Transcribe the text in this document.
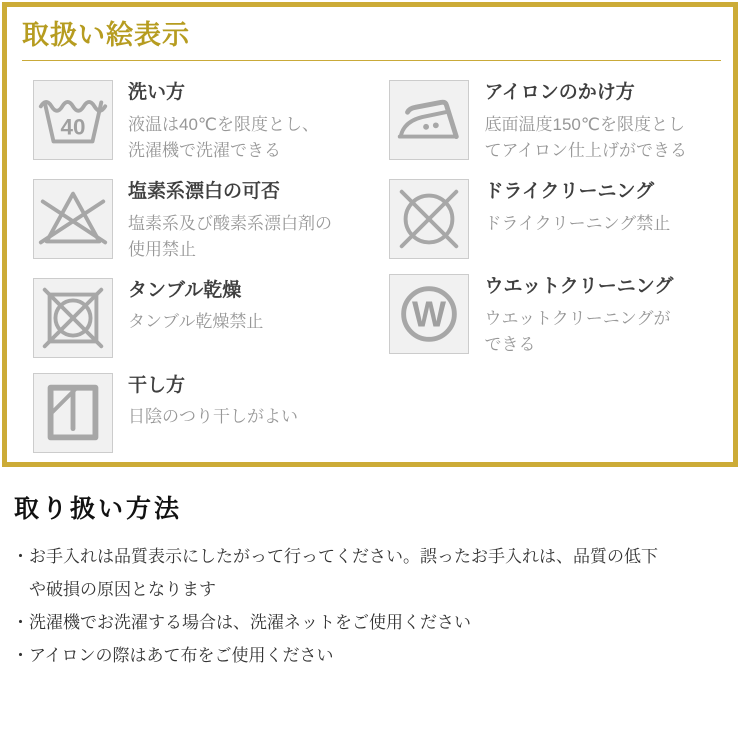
取扱い絵表示
40
洗い方
液温は40℃を限度とし、
洗濯機で洗濯できる
塩素系漂白の可否
塩素系及び酸素系漂白剤の
使用禁止
タンブル乾燥
タンブル乾燥禁止
干し方
日陰のつり干しがよい
アイロンのかけ方
底面温度150℃を限度とし
てアイロン仕上げができる
ドライクリーニング
ドライクリーニング禁止
W
ウエットクリーニング
ウエットクリーニングが
できる
取り扱い方法
・ お手入れは品質表示にしたがって行ってください。誤ったお手入れは、品質の低下
や破損の原因となります
・ 洗濯機でお洗濯する場合は、洗濯ネットをご使用ください
・ アイロンの際はあて布をご使用ください
